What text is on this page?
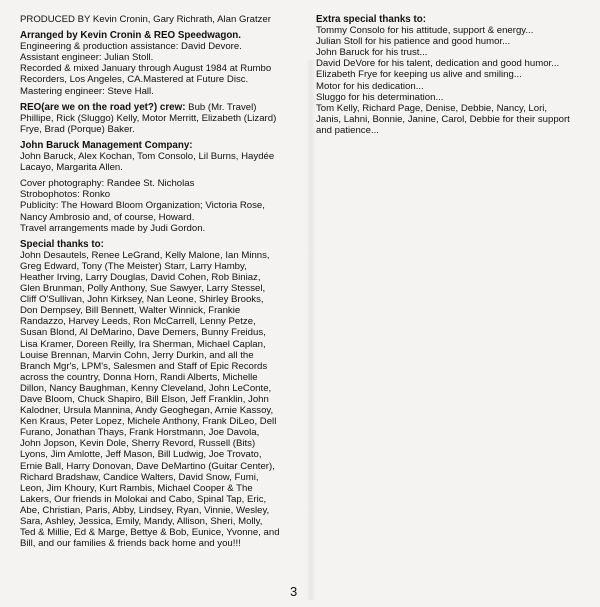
PRODUCED BY Kevin Cronin, Gary Richrath, Alan Gratzer
Arranged by Kevin Cronin & REO Speedwagon.
Engineering & production assistance: David Devore.
Assistant engineer: Julian Stoll.
Recorded & mixed January through August 1984 at Rumbo
Recorders, Los Angeles, CA.Mastered at Future Disc.
Mastering engineer: Steve Hall.
REO(are we on the road yet?) crew: Bub (Mr. Travel)
Phillipe, Rick (Sluggo) Kelly, Motor Merritt, Elizabeth (Lizard)
Frye, Brad (Porque) Baker.
John Baruck Management Company:
John Baruck, Alex Kochan, Tom Consolo, Lil Burns, Haydée
Lacayo, Margarita Allen.
Cover photography: Randee St. Nicholas
Strobophotos: Ronko
Publicity: The Howard Bloom Organization; Victoria Rose,
Nancy Ambrosio and, of course, Howard.
Travel arrangements made by Judi Gordon.
Special thanks to:
John Desautels, Renee LeGrand, Kelly Malone, Ian Minns,
Greg Edward, Tony (The Meister) Starr, Larry Hamby,
Heather Irving, Larry Douglas, David Cohen, Rob Biniaz,
Glen Brunman, Polly Anthony, Sue Sawyer, Larry Stessel,
Cliff O'Sullivan, John Kirksey, Nan Leone, Shirley Brooks,
Don Dempsey, Bill Bennett, Walter Winnick, Frankie
Randazzo, Harvey Leeds, Ron McCarrell, Lenny Petze,
Susan Blond, Al DeMarino, Dave Demers, Bunny Freidus,
Lisa Kramer, Doreen Reilly, Ira Sherman, Michael Caplan,
Louise Brennan, Marvin Cohn, Jerry Durkin, and all the
Branch Mgr's, LPM's, Salesmen and Staff of Epic Records
across the country, Donna Horn, Randi Alberts, Michelle
Dillon, Nancy Baughman, Kenny Cleveland, John LeConte,
Dave Bloom, Chuck Shapiro, Bill Elson, Jeff Franklin, John
Kalodner, Ursula Mannina, Andy Geoghegan, Arnie Kassoy,
Ken Kraus, Peter Lopez, Michele Anthony, Frank DiLeo, Dell
Furano, Jonathan Thays, Frank Horstmann, Joe Davola,
John Jopson, Kevin Dole, Sherry Revord, Russell (Bits)
Lyons, Jim Amlotte, Jeff Mason, Bill Ludwig, Joe Trovato,
Ernie Ball, Harry Donovan, Dave DeMartino (Guitar Center),
Richard Bradshaw, Candice Walters, David Snow, Fumi,
Leon, Jim Khoury, Kurt Rambis, Michael Cooper & The
Lakers, Our friends in Molokai and Cabo, Spinal Tap, Eric,
Abe, Christian, Paris, Abby, Lindsey, Ryan, Vinnie, Wesley,
Sara, Ashley, Jessica, Emily, Mandy, Allison, Sheri, Molly,
Ted & Millie, Ed & Marge, Bettye & Bob, Eunice, Yvonne, and
Bill, and our families & friends back home and you!!!
Extra special thanks to:
Tommy Consolo for his attitude, support & energy...
Julian Stoll for his patience and good humor...
John Baruck for his trust...
David DeVore for his talent, dedication and good humor...
Elizabeth Frye for keeping us alive and smiling...
Motor for his dedication...
Sluggo for his determination...
Tom Kelly, Richard Page, Denise, Debbie, Nancy, Lori,
Janis, Lahni, Bonnie, Janine, Carol, Debbie for their support
and patience...
3
